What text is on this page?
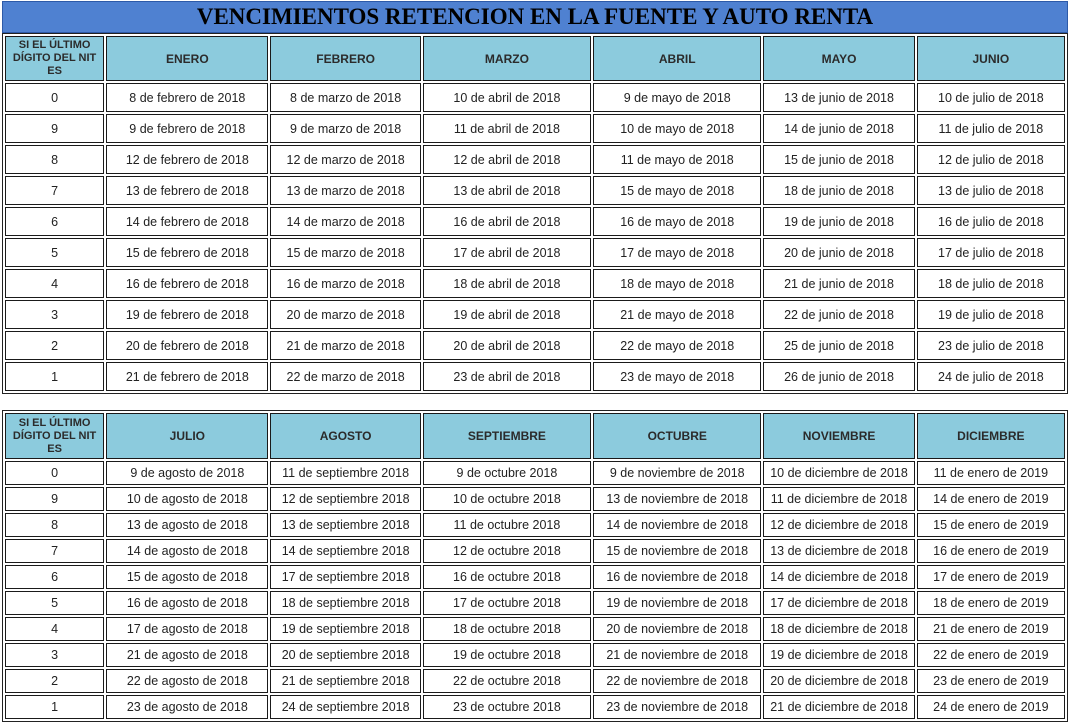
VENCIMIENTOS RETENCION EN LA FUENTE Y AUTO RENTA
SI EL ÚLTIMO DÍGITO DEL NIT ES	ENERO	FEBRERO	MARZO	ABRIL	MAYO	JUNIO
0	8 de febrero de 2018	8 de marzo de 2018	10 de abril de 2018	9 de mayo de 2018	13 de junio de 2018	10 de julio de 2018
9	9 de febrero de 2018	9 de marzo de 2018	11 de abril de 2018	10 de mayo de 2018	14 de junio de 2018	11 de julio de 2018
8	12 de febrero de 2018	12 de marzo de 2018	12 de abril de 2018	11 de mayo de 2018	15 de junio de 2018	12 de julio de 2018
7	13 de febrero de 2018	13 de marzo de 2018	13 de abril de 2018	15 de mayo de 2018	18 de junio de 2018	13 de julio de 2018
6	14 de febrero de 2018	14 de marzo de 2018	16 de abril de 2018	16 de mayo de 2018	19 de junio de 2018	16 de julio de 2018
5	15 de febrero de 2018	15 de marzo de 2018	17 de abril de 2018	17 de mayo de 2018	20 de junio de 2018	17 de julio de 2018
4	16 de febrero de 2018	16 de marzo de 2018	18 de abril de 2018	18 de mayo de 2018	21 de junio de 2018	18 de julio de 2018
3	19 de febrero de 2018	20 de marzo de 2018	19 de abril de 2018	21 de mayo de 2018	22 de junio de 2018	19 de julio de 2018
2	20 de febrero de 2018	21 de marzo de 2018	20 de abril de 2018	22 de mayo de 2018	25 de junio de 2018	23 de julio de 2018
1	21 de febrero de 2018	22 de marzo de 2018	23 de abril de 2018	23 de mayo de 2018	26 de junio de 2018	24 de julio de 2018
SI EL ÚLTIMO DÍGITO DEL NIT ES	JULIO	AGOSTO	SEPTIEMBRE	OCTUBRE	NOVIEMBRE	DICIEMBRE
0	9 de agosto de 2018	11 de septiembre 2018	9 de octubre 2018	9 de noviembre de 2018	10 de diciembre de 2018	11 de enero de 2019
9	10 de agosto de 2018	12 de septiembre 2018	10 de octubre 2018	13 de noviembre de 2018	11 de diciembre de 2018	14 de enero de 2019
8	13 de agosto de 2018	13 de septiembre 2018	11 de octubre 2018	14 de noviembre de 2018	12 de diciembre de 2018	15 de enero de 2019
7	14 de agosto de 2018	14 de septiembre 2018	12 de octubre 2018	15 de noviembre de 2018	13 de diciembre de 2018	16 de enero de 2019
6	15 de agosto de 2018	17 de septiembre 2018	16 de octubre 2018	16 de noviembre de 2018	14 de diciembre de 2018	17 de enero de 2019
5	16 de agosto de 2018	18 de septiembre 2018	17 de octubre 2018	19 de noviembre de 2018	17 de diciembre de 2018	18 de enero de 2019
4	17 de agosto de 2018	19 de septiembre 2018	18 de octubre 2018	20 de noviembre de 2018	18 de diciembre de 2018	21 de enero de 2019
3	21 de agosto de 2018	20 de septiembre 2018	19 de octubre 2018	21 de noviembre de 2018	19 de diciembre de 2018	22 de enero de 2019
2	22 de agosto de 2018	21 de septiembre 2018	22 de octubre 2018	22 de noviembre de 2018	20 de diciembre de 2018	23 de enero de 2019
1	23 de agosto de 2018	24 de septiembre 2018	23 de octubre 2018	23 de noviembre de 2018	21 de diciembre de 2018	24 de enero de 2019
